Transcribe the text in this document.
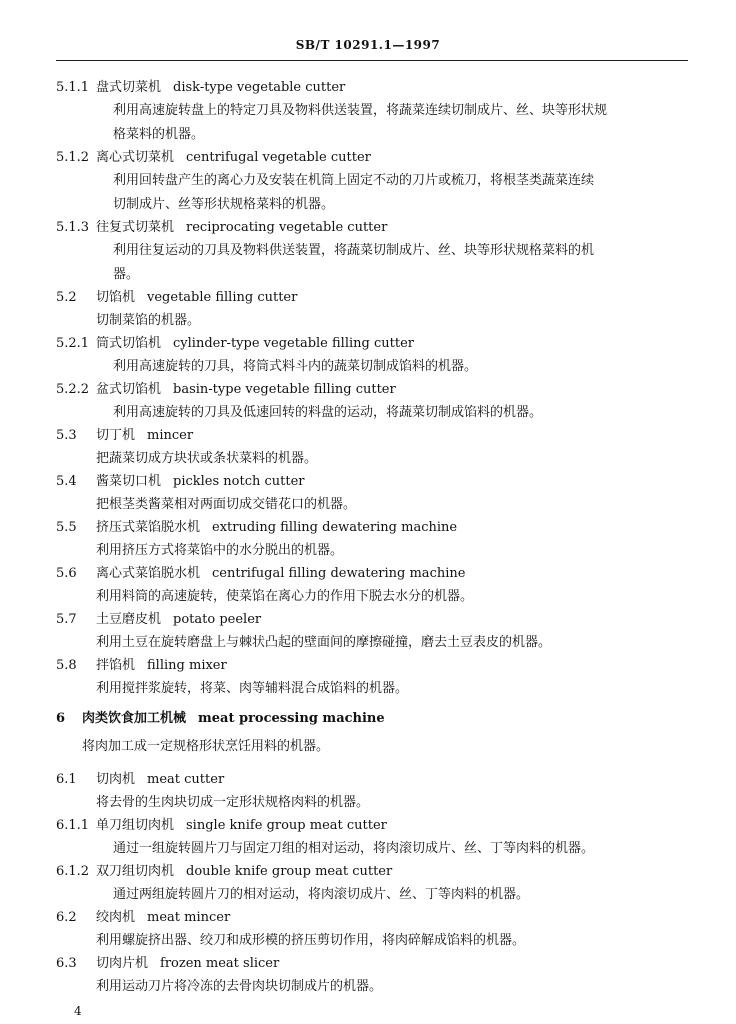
SB/T 10291.1—1997
5.1.1 盘式切菜机 disk-type vegetable cutter
利用高速旋转盘上的特定刀具及物料供送装置，将蔬菜连续切制成片、丝、块等形状规
格菜料的机器。
5.1.2 离心式切菜机 centrifugal vegetable cutter
利用回转盘产生的离心力及安装在机筒上固定不动的刀片或梳刀，将根茎类蔬菜连续
切制成片、丝等形状规格菜料的机器。
5.1.3 往复式切菜机 reciprocating vegetable cutter
利用往复运动的刀具及物料供送装置，将蔬菜切制成片、丝、块等形状规格菜料的机
器。
5.2 切馅机 vegetable filling cutter
切制菜馅的机器。
5.2.1 筒式切馅机 cylinder-type vegetable filling cutter
利用高速旋转的刀具，将筒式料斗内的蔬菜切制成馅料的机器。
5.2.2 盆式切馅机 basin-type vegetable filling cutter
利用高速旋转的刀具及低速回转的料盘的运动，将蔬菜切制成馅料的机器。
5.3 切丁机 mincer
把蔬菜切成方块状或条状菜料的机器。
5.4 酱菜切口机 pickles notch cutter
把根茎类酱菜相对两面切成交错花口的机器。
5.5 挤压式菜馅脱水机 extruding filling dewatering machine
利用挤压方式将菜馅中的水分脱出的机器。
5.6 离心式菜馅脱水机 centrifugal filling dewatering machine
利用料筒的高速旋转，使菜馅在离心力的作用下脱去水分的机器。
5.7 土豆磨皮机 potato peeler
利用土豆在旋转磨盘上与棘状凸起的壁面间的摩擦碰撞，磨去土豆表皮的机器。
5.8 拌馅机 filling mixer
利用搅拌浆旋转，将菜、肉等辅料混合成馅料的机器。
6 肉类饮食加工机械 meat processing machine
将肉加工成一定规格形状烹饪用料的机器。
6.1 切肉机 meat cutter
将去骨的生肉块切成一定形状规格肉料的机器。
6.1.1 单刀组切肉机 single knife group meat cutter
通过一组旋转圆片刀与固定刀组的相对运动，将肉滚切成片、丝、丁等肉料的机器。
6.1.2 双刀组切肉机 double knife group meat cutter
通过两组旋转圆片刀的相对运动，将肉滚切成片、丝、丁等肉料的机器。
6.2 绞肉机 meat mincer
利用螺旋挤出器、绞刀和成形模的挤压剪切作用，将肉碎解成馅料的机器。
6.3 切肉片机 frozen meat slicer
利用运动刀片将冷冻的去骨肉块切制成片的机器。
4
